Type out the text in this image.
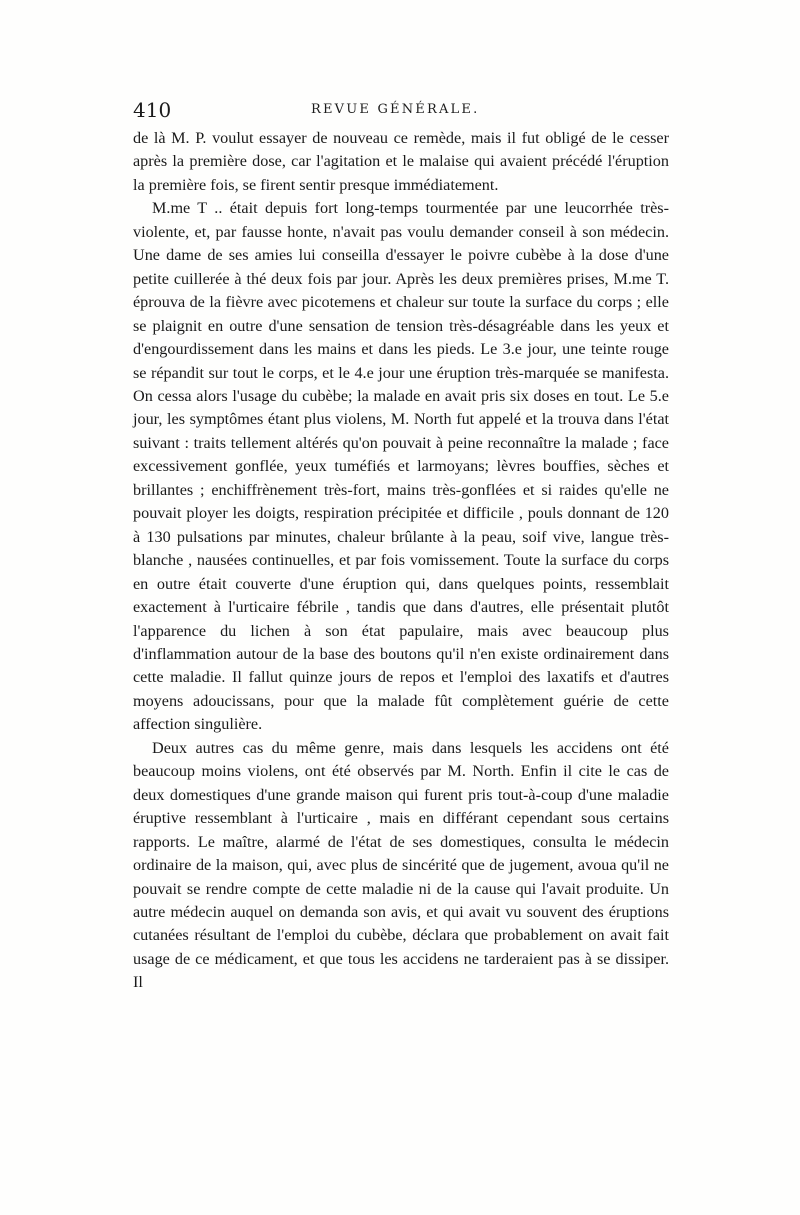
410	REVUE GÉNÉRALE.

de là M. P. voulut essayer de nouveau ce remède, mais il fut obligé de le cesser après la première dose, car l'agitation et le malaise qui avaient précédé l'éruption la première fois, se firent sentir presque immédiatement.

M.me T .. était depuis fort long-temps tourmentée par une leucorrhée très-violente, et, par fausse honte, n'avait pas voulu demander conseil à son médecin. Une dame de ses amies lui conseilla d'essayer le poivre cubèbe à la dose d'une petite cuillerée à thé deux fois par jour. Après les deux premières prises, M.me T. éprouva de la fièvre avec picotemens et chaleur sur toute la surface du corps ; elle se plaignit en outre d'une sensation de tension très-désagréable dans les yeux et d'engourdissement dans les mains et dans les pieds. Le 3.e jour, une teinte rouge se répandit sur tout le corps, et le 4.e jour une éruption très-marquée se manifesta. On cessa alors l'usage du cubèbe; la malade en avait pris six doses en tout. Le 5.e jour, les symptômes étant plus violens, M. North fut appelé et la trouva dans l'état suivant : traits tellement altérés qu'on pouvait à peine reconnaître la malade ; face excessivement gonflée, yeux tuméfiés et larmoyans; lèvres bouffies, sèches et brillantes ; enchiffrènement très-fort, mains très-gonflées et si raides qu'elle ne pouvait ployer les doigts, respiration précipitée et difficile , pouls donnant de 120 à 130 pulsations par minutes, chaleur brûlante à la peau, soif vive, langue très-blanche , nausées continuelles, et par fois vomissement. Toute la surface du corps en outre était couverte d'une éruption qui, dans quelques points, ressemblait exactement à l'urticaire fébrile , tandis que dans d'autres, elle présentait plutôt l'apparence du lichen à son état papulaire, mais avec beaucoup plus d'inflammation autour de la base des boutons qu'il n'en existe ordinairement dans cette maladie. Il fallut quinze jours de repos et l'emploi des laxatifs et d'autres moyens adoucissans, pour que la malade fût complètement guérie de cette affection singulière.

Deux autres cas du même genre, mais dans lesquels les accidens ont été beaucoup moins violens, ont été observés par M. North. Enfin il cite le cas de deux domestiques d'une grande maison qui furent pris tout-à-coup d'une maladie éruptive ressemblant à l'urticaire , mais en différant cependant sous certains rapports. Le maître, alarmé de l'état de ses domestiques, consulta le médecin ordinaire de la maison, qui, avec plus de sincérité que de jugement, avoua qu'il ne pouvait se rendre compte de cette maladie ni de la cause qui l'avait produite. Un autre médecin auquel on demanda son avis, et qui avait vu souvent des éruptions cutanées résultant de l'emploi du cubèbe, déclara que probablement on avait fait usage de ce médicament, et que tous les accidens ne tarderaient pas à se dissiper. Il
